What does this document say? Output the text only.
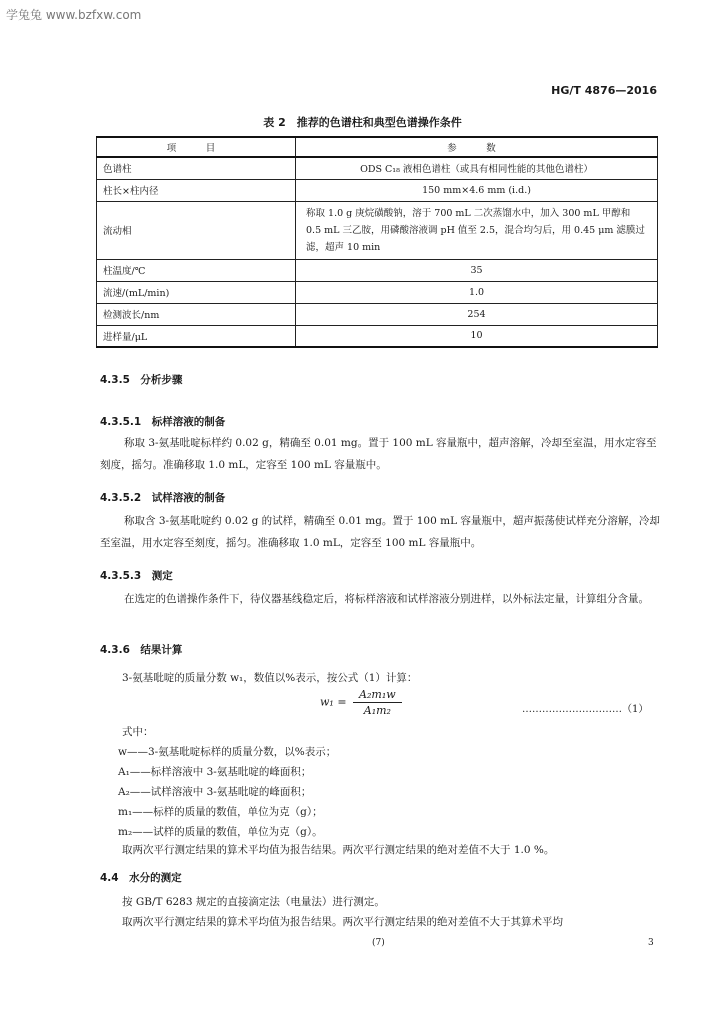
学兔兔 www.bzfxw.com
HG/T 4876—2016
表 2　推荐的色谱柱和典型色谱操作条件
项　目	参　数
色谱柱	ODS C₁₈ 液相色谱柱（或具有相同性能的其他色谱柱）
柱长×柱内径	150 mm×4.6 mm (i.d.)
流动相	称取 1.0 g 庚烷磺酸钠，溶于 700 mL 二次蒸馏水中，加入 300 mL 甲醇和 0.5 mL 三乙胺，用磷酸溶液调 pH 值至 2.5，混合均匀后，用 0.45 μm 滤膜过滤，超声 10 min
柱温度/℃	35
流速/(mL/min)	1.0
检测波长/nm	254
进样量/μL	10
4.3.5　分析步骤
4.3.5.1　标样溶液的制备
称取 3-氨基吡啶标样约 0.02 g，精确至 0.01 mg。置于 100 mL 容量瓶中，超声溶解，冷却至室温，用水定容至刻度，摇匀。准确移取 1.0 mL，定容至 100 mL 容量瓶中。
4.3.5.2　试样溶液的制备
称取含 3-氨基吡啶约 0.02 g 的试样，精确至 0.01 mg。置于 100 mL 容量瓶中，超声振荡使试样充分溶解，冷却至室温，用水定容至刻度，摇匀。准确移取 1.0 mL，定容至 100 mL 容量瓶中。
4.3.5.3　测定
在选定的色谱操作条件下，待仪器基线稳定后，将标样溶液和试样溶液分别进样，以外标法定量，计算组分含量。
4.3.6　结果计算
3-氨基吡啶的质量分数 w₁，数值以%表示，按公式（1）计算：
$w_1 = \frac{\text{A₂m₁w}}{\text{A₁m₂}}$	…………………………（1）
式中：
w——3-氨基吡啶标样的质量分数，以%表示；
A₁——标样溶液中 3-氨基吡啶的峰面积；
A₂——试样溶液中 3-氨基吡啶的峰面积；
m₁——标样的质量的数值，单位为克（g）；
m₂——试样的质量的数值，单位为克（g）。
取两次平行测定结果的算术平均值为报告结果。两次平行测定结果的绝对差值不大于 1.0 %。
4.4　水分的测定
按 GB/T 6283 规定的直接滴定法（电量法）进行测定。
取两次平行测定结果的算术平均值为报告结果。两次平行测定结果的绝对差值不大于其算术平均
(7)	3
